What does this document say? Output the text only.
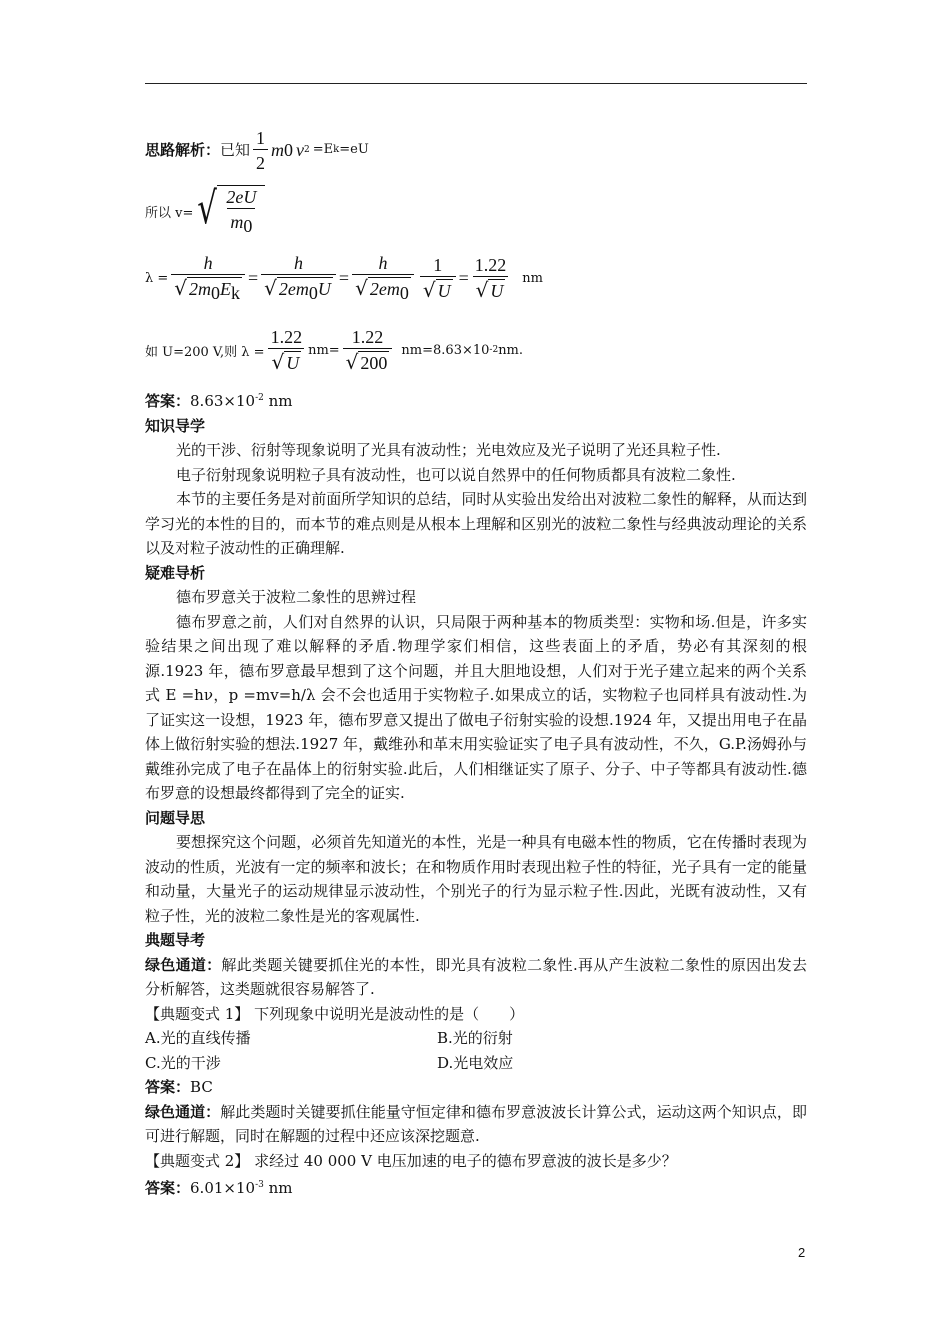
思路解析 ： 已知 $\frac{1}{2}$ m 0 v 2 =E k =eU
所以 v= √ $\frac{2eU}{m_0}$
$\lambda = \frac{h}{√ 2m_0E_k} = \frac{h}{√ 2em_0U} = \frac{h}{√ 2em_0} \frac{1}{√ U} = \frac{1.22}{√ U}$ nm
如 U=200 V,则 $\lambda = \frac{1.22}{√ U} nm= \frac{1.22}{√ 200} nm=8.63\times 10$ -2 nm.
答案：$8.63\times 10^{-2}$ nm
知识导学
光的干涉、衍射等现象说明了光具有波动性；光电效应及光子说明了光还具粒子性.
电子衍射现象说明粒子具有波动性，也可以说自然界中的任何物质都具有波粒二象性.
本节的主要任务是对前面所学知识的总结，同时从实验出发给出对波粒二象性的解释，从而达到学习光的本性的目的，而本节的难点则是从根本上理解和区别光的波粒二象性与经典波动理论的关系以及对粒子波动性的正确理解.
疑难导析
德布罗意关于波粒二象性的思辨过程
德布罗意之前，人们对自然界的认识，只局限于两种基本的物质类型：实物和场.但是，许多实验结果之间出现了难以解释的矛盾.物理学家们相信，这些表面上的矛盾，势必有其深刻的根源.1923 年，德布罗意最早想到了这个问题，并且大胆地设想，人们对于光子建立起来的两个关系式 E =hν，p =mv=h/λ 会不会也适用于实物粒子.如果成立的话，实物粒子也同样具有波动性.为了证实这一设想，1923 年，德布罗意又提出了做电子衍射实验的设想.1924 年，又提出用电子在晶体上做衍射实验的想法.1927 年，戴维孙和革末用实验证实了电子具有波动性，不久，G.P.汤姆孙与戴维孙完成了电子在晶体上的衍射实验.此后，人们相继证实了原子、分子、中子等都具有波动性.德布罗意的设想最终都得到了完全的证实.
问题导思
要想探究这个问题，必须首先知道光的本性，光是一种具有电磁本性的物质，它在传播时表现为波动的性质，光波有一定的频率和波长；在和物质作用时表现出粒子性的特征，光子具有一定的能量和动量，大量光子的运动规律显示波动性，个别光子的行为显示粒子性.因此，光既有波动性，又有粒子性，光的波粒二象性是光的客观属性.
典题导考
绿色通道：解此类题关键要抓住光的本性，即光具有波粒二象性.再从产生波粒二象性的原因出发去分析解答，这类题就很容易解答了.
【典题变式 1】 下列现象中说明光是波动性的是（　　）
A.光的直线传播	B.光的衍射
C.光的干涉	D.光电效应
答案：BC
绿色通道：解此类题时关键要抓住能量守恒定律和德布罗意波波长计算公式，运动这两个知识点，即可进行解题，同时在解题的过程中还应该深挖题意.
【典题变式 2】 求经过 40 000 V 电压加速的电子的德布罗意波的波长是多少？
答案：$6.01\times 10^{-3}$ nm
2
